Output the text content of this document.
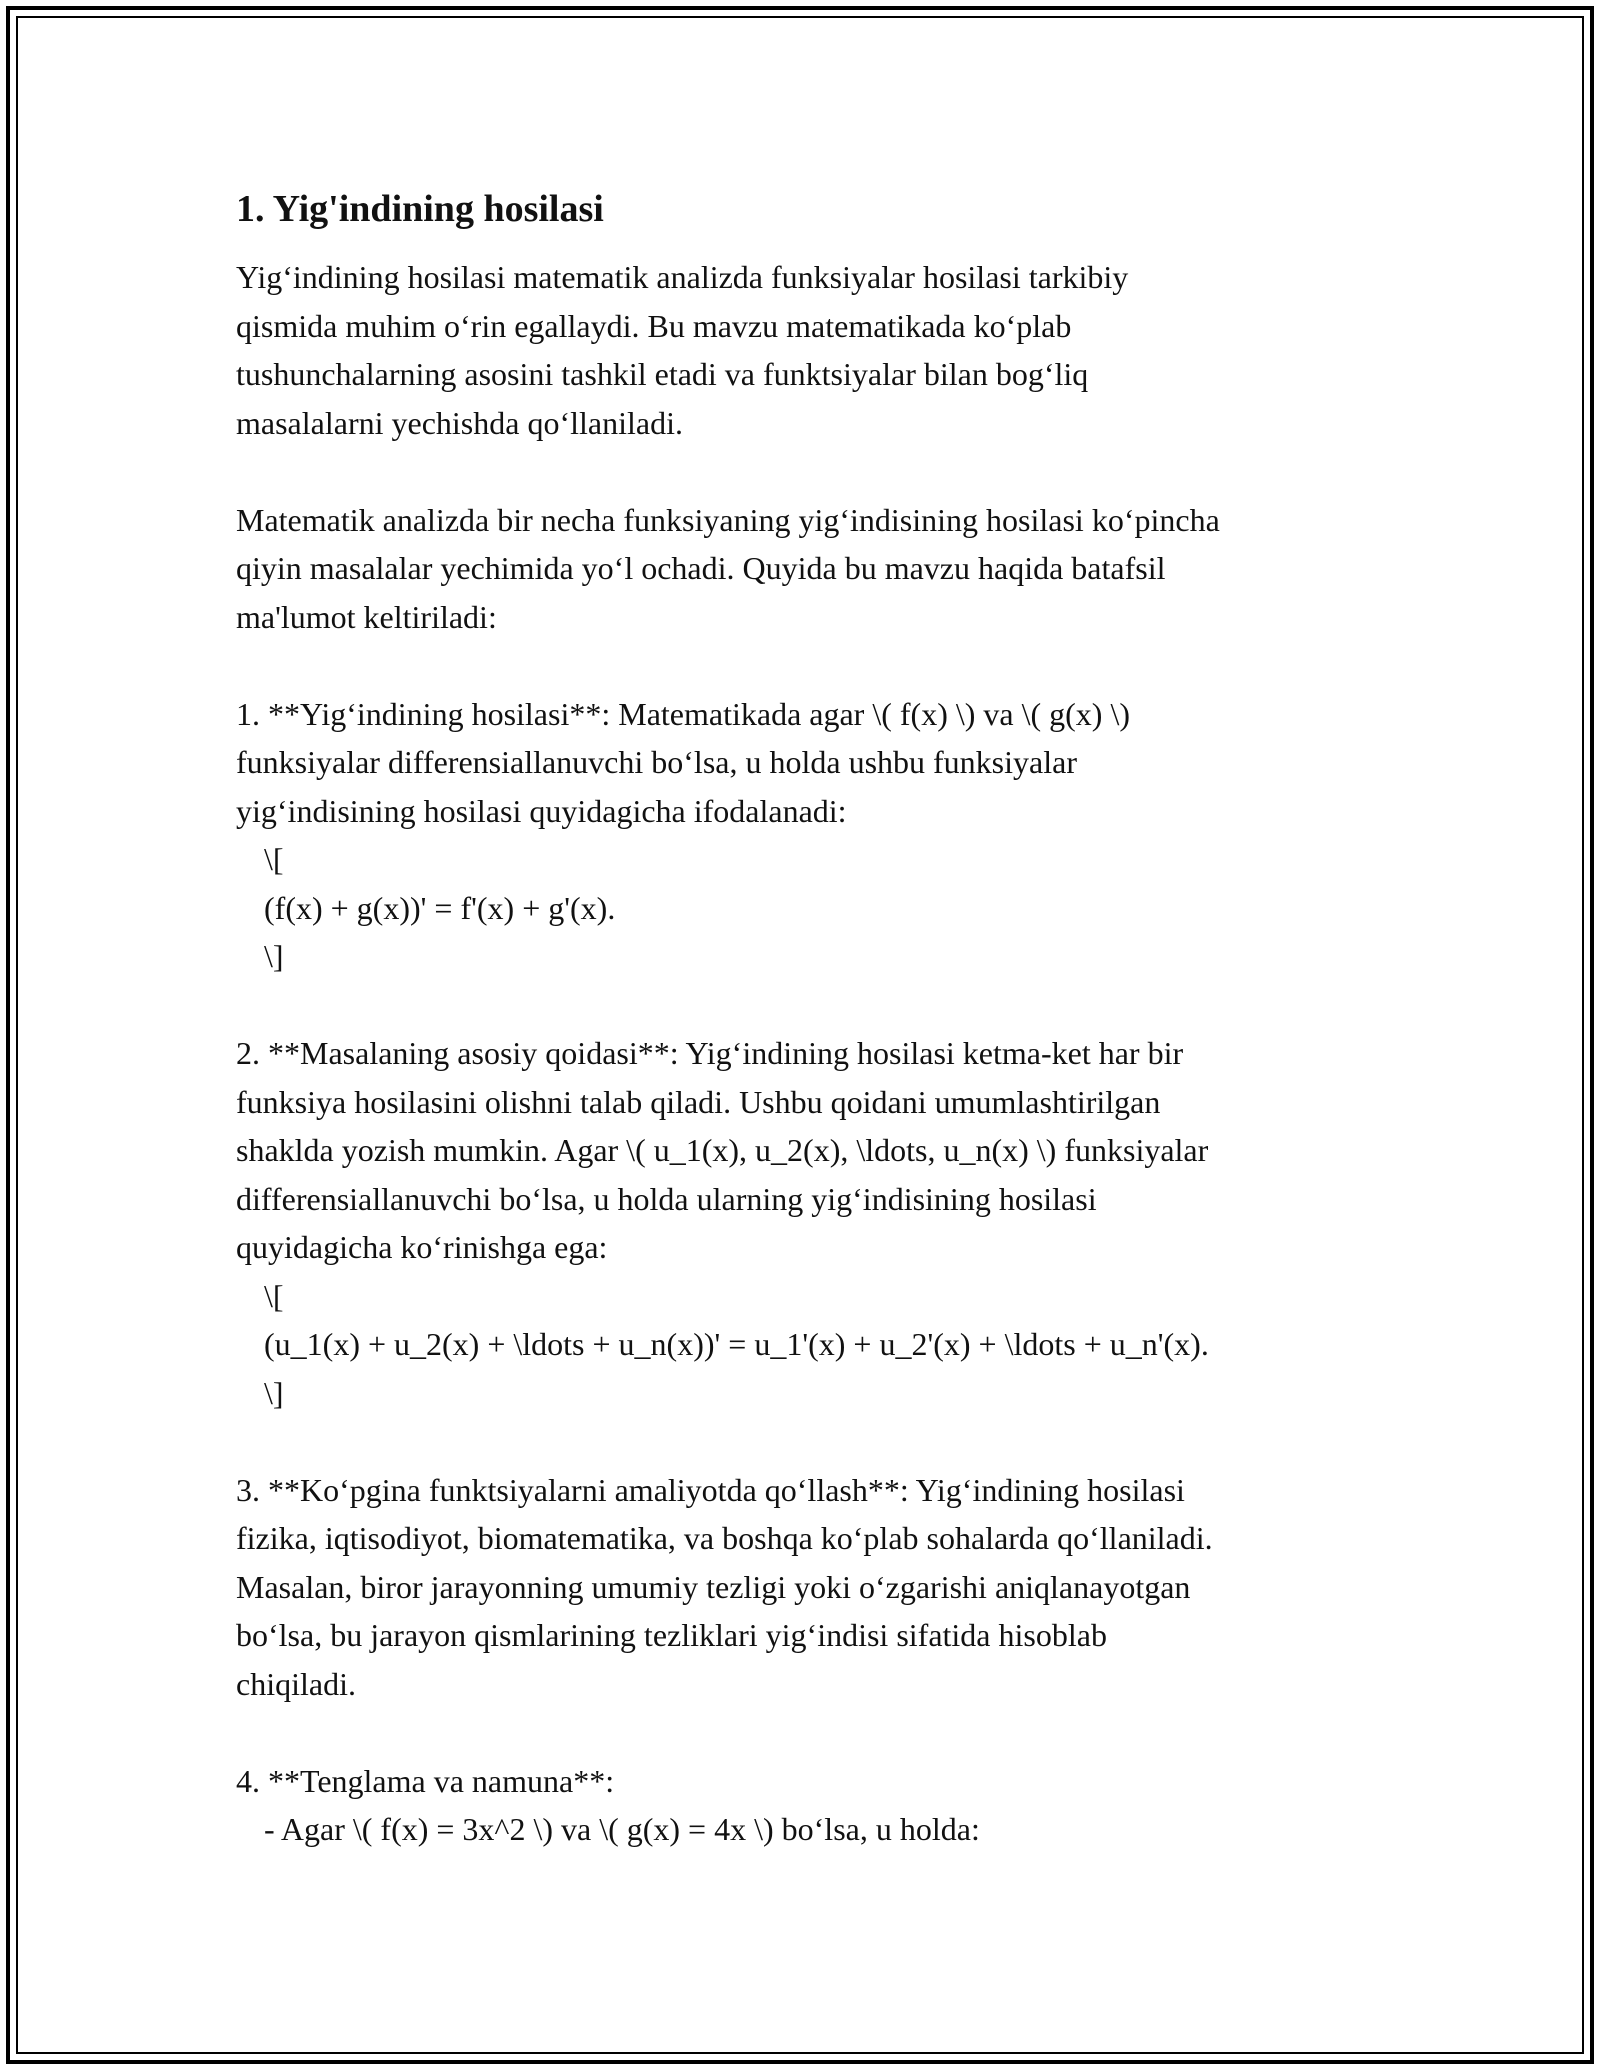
1. Yig'indining hosilasi
Yig‘indining hosilasi matematik analizda funksiyalar hosilasi tarkibiy
qismida muhim o‘rin egallaydi. Bu mavzu matematikada ko‘plab
tushunchalarning asosini tashkil etadi va funktsiyalar bilan bog‘liq
masalalarni yechishda qo‘llaniladi.
Matematik analizda bir necha funksiyaning yig‘indisining hosilasi ko‘pincha
qiyin masalalar yechimida yo‘l ochadi. Quyida bu mavzu haqida batafsil
ma'lumot keltiriladi:
1. **Yig‘indining hosilasi**: Matematikada agar \( f(x) \) va \( g(x) \)
funksiyalar differensiallanuvchi bo‘lsa, u holda ushbu funksiyalar
yig‘indisining hosilasi quyidagicha ifodalanadi:
\[
(f(x) + g(x))' = f'(x) + g'(x).
\]
2. **Masalaning asosiy qoidasi**: Yig‘indining hosilasi ketma-ket har bir
funksiya hosilasini olishni talab qiladi. Ushbu qoidani umumlashtirilgan
shaklda yozish mumkin. Agar \( u_1(x), u_2(x), \ldots, u_n(x) \) funksiyalar
differensiallanuvchi bo‘lsa, u holda ularning yig‘indisining hosilasi
quyidagicha ko‘rinishga ega:
\[
(u_1(x) + u_2(x) + \ldots + u_n(x))' = u_1'(x) + u_2'(x) + \ldots + u_n'(x).
\]
3. **Ko‘pgina funktsiyalarni amaliyotda qo‘llash**: Yig‘indining hosilasi
fizika, iqtisodiyot, biomatematika, va boshqa ko‘plab sohalarda qo‘llaniladi.
Masalan, biror jarayonning umumiy tezligi yoki o‘zgarishi aniqlanayotgan
bo‘lsa, bu jarayon qismlarining tezliklari yig‘indisi sifatida hisoblab
chiqiladi.
4. **Tenglama va namuna**:
- Agar \( f(x) = 3x^2 \) va \( g(x) = 4x \) bo‘lsa, u holda:
